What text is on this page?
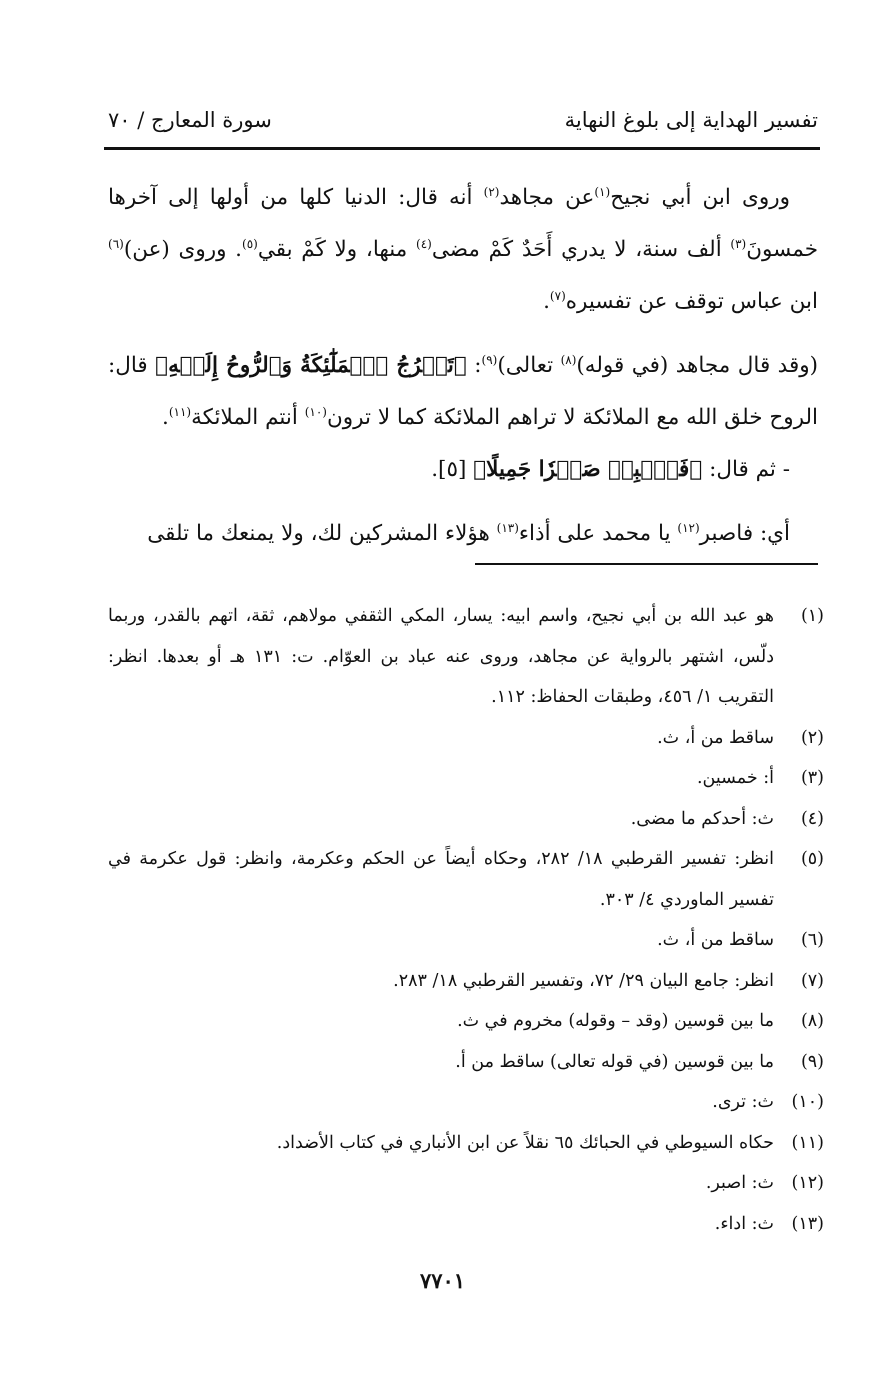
تفسير الهداية إلى بلوغ النهاية
سورة المعارج / ٧٠

وروى ابن أبي نجيح$^{(١)}$عن مجاهد$^{(٢)}$ أنه قال: الدنيا كلها من أولها إلى آخرها خمسونَ$^{(٣)}$ ألف سنة، لا يدري أَحَدٌ كَمْ مضى$^{(٤)}$ منها، ولا كَمْ بقي$^{(٥)}$. وروى (عن)$^{(٦)}$ ابن عباس توقف عن تفسيره$^{(٧)}$.

(وقد قال مجاهد (في قوله)$^{(٨)}$ تعالى)$^{(٩)}$: ﴿تَعۡرُجُ ٱلۡمَلَٰٓئِكَةُ وَٱلرُّوحُ إِلَيۡهِ﴾ قال: الروح خلق الله مع الملائكة لا تراهم الملائكة كما لا ترون$^{(١٠)}$ أنتم الملائكة$^{(١١)}$.

- ثم قال: ﴿فَٱصۡبِرۡ صَبۡرٗا جَمِيلًا﴾ [٥].

أي: فاصبر$^{(١٢)}$ يا محمد على أذاء$^{(١٣)}$ هؤلاء المشركين لك، ولا يمنعك ما تلقى

(١)
هو عبد الله بن أبي نجيح، واسم ابيه: يسار، المكي الثقفي مولاهم، ثقة، اتهم بالقدر، وربما دلّس، اشتهر بالرواية عن مجاهد، وروى عنه عباد بن العوّام. ت: ١٣١ هـ أو بعدها. انظر: التقريب ١/ ٤٥٦، وطبقات الحفاظ: ١١٢.
(٢)
ساقط من أ، ث.
(٣)
أ: خمسين.
(٤)
ث: أحدكم ما مضى.
(٥)
انظر: تفسير القرطبي ١٨/ ٢٨٢، وحكاه أيضاً عن الحكم وعكرمة، وانظر: قول عكرمة في تفسير الماوردي ٤/ ٣٠٣.
(٦)
ساقط من أ، ث.
(٧)
انظر: جامع البيان ٢٩/ ٧٢، وتفسير القرطبي ١٨/ ٢٨٣.
(٨)
ما بين قوسين (وقد – وقوله) مخروم في ث.
(٩)
ما بين قوسين (في قوله تعالى) ساقط من أ.
(١٠)
ث: ترى.
(١١)
حكاه السيوطي في الحبائك ٦٥ نقلاً عن ابن الأنباري في كتاب الأضداد.
(١٢)
ث: اصبر.
(١٣)
ث: اداء.
٧٧٠١
